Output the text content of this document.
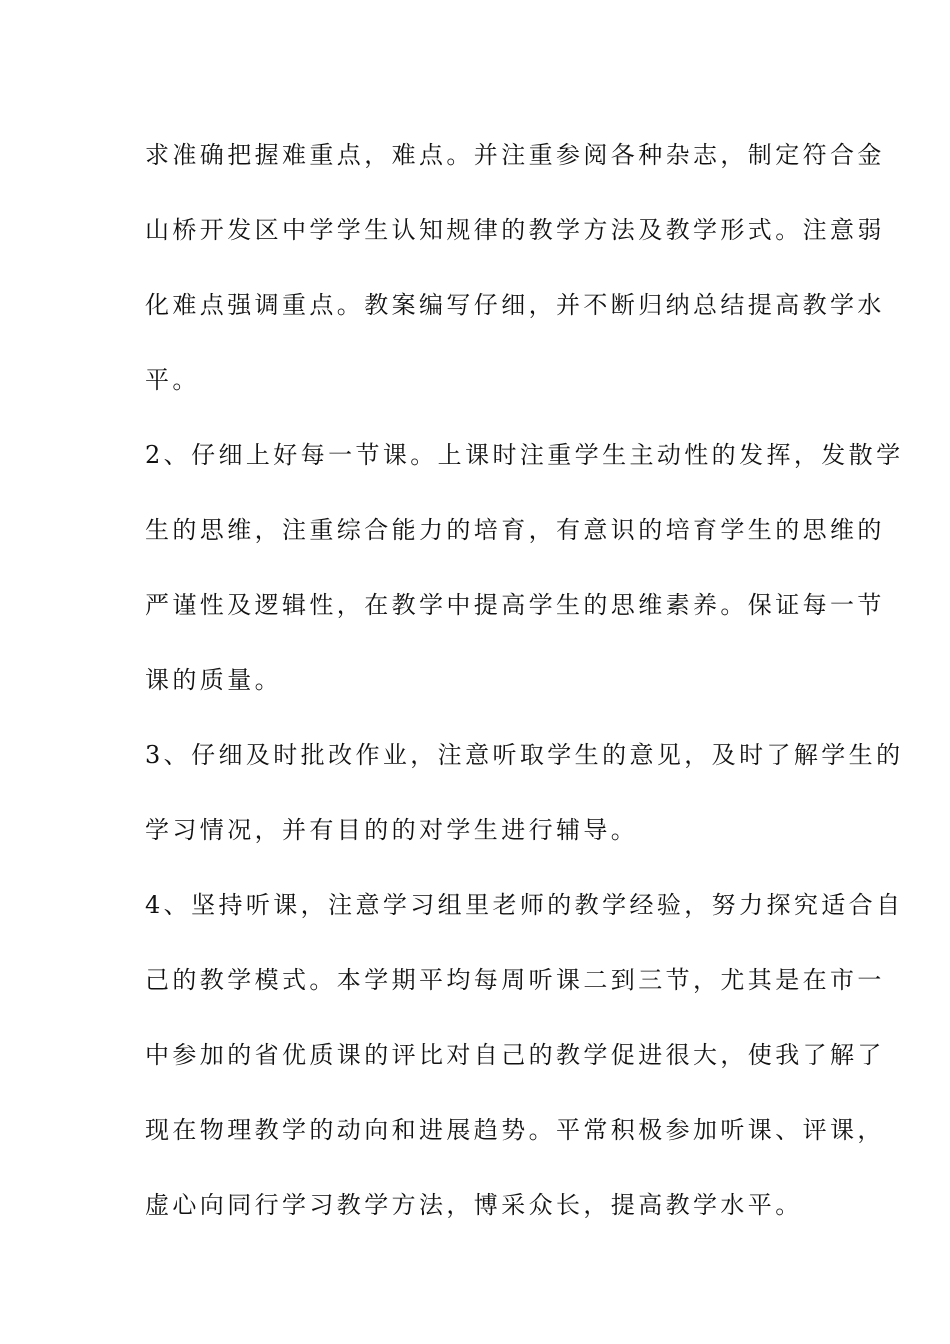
求准确把握难重点，难点。并注重参阅各种杂志，制定符合金
山桥开发区中学学生认知规律的教学方法及教学形式。注意弱
化难点强调重点。教案编写仔细，并不断归纳总结提高教学水
平。
2、仔细上好每一节课。上课时注重学生主动性的发挥，发散学
生的思维，注重综合能力的培育，有意识的培育学生的思维的
严谨性及逻辑性，在教学中提高学生的思维素养。保证每一节
课的质量。
3、仔细及时批改作业，注意听取学生的意见，及时了解学生的
学习情况，并有目的的对学生进行辅导。
4、坚持听课，注意学习组里老师的教学经验，努力探究适合自
己的教学模式。本学期平均每周听课二到三节，尤其是在市一
中参加的省优质课的评比对自己的教学促进很大，使我了解了
现在物理教学的动向和进展趋势。平常积极参加听课、评课，
虚心向同行学习教学方法，博采众长，提高教学水平。
